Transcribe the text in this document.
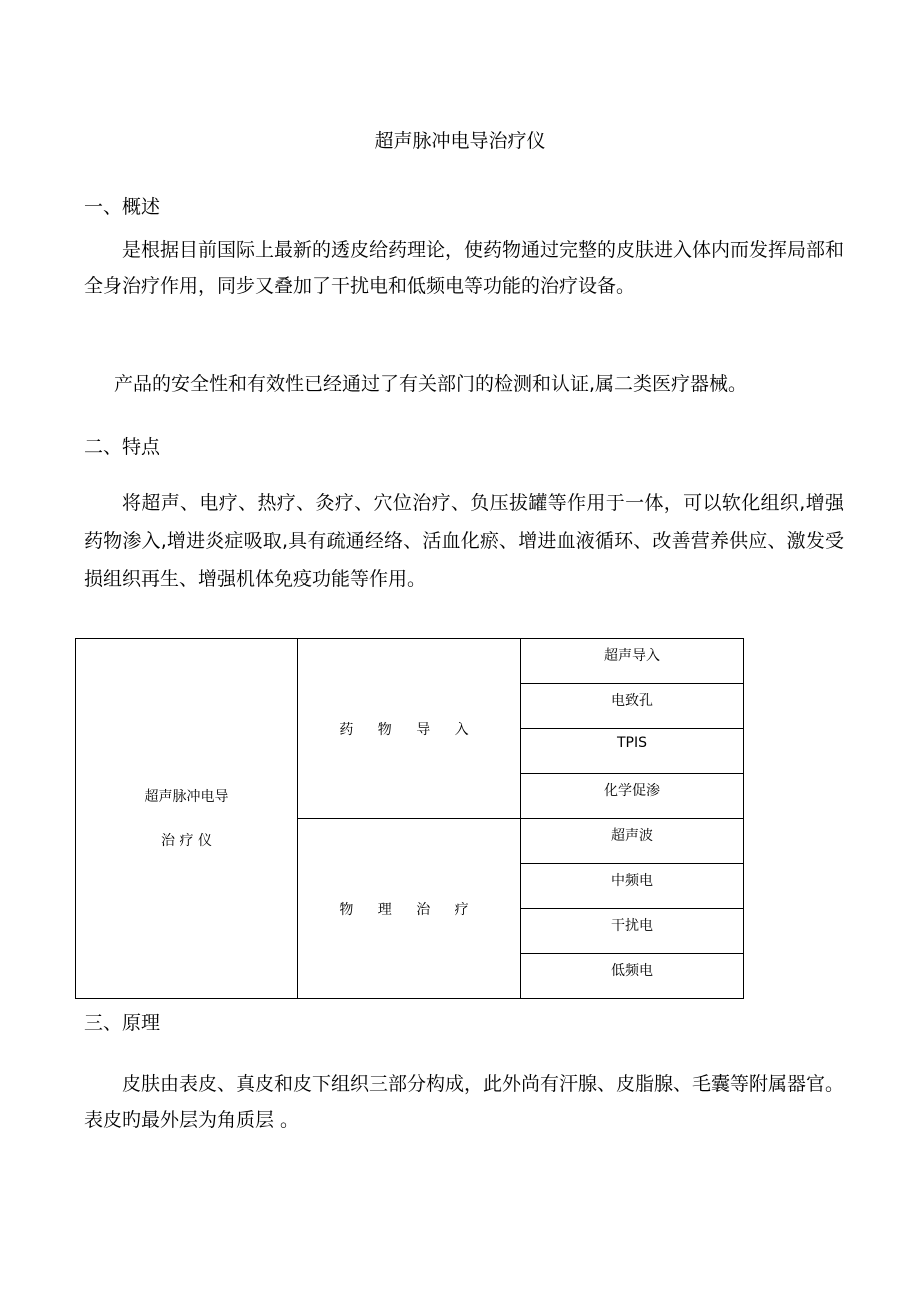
超声脉冲电导治疗仪
一、概述

是根据目前国际上最新的透皮给药理论，使药物通过完整的皮肤进入体内而发挥局部和全身治疗作用，同步又叠加了干扰电和低频电等功能的治疗设备。

产品的安全性和有效性已经通过了有关部门的检测和认证,属二类医疗器械。

二、特点

将超声、电疗、热疗、灸疗、穴位治疗、负压拔罐等作用于一体，可以软化组织,增强药物渗入,增进炎症吸取,具有疏通经络、活血化瘀、增进血液循环、改善营养供应、激发受损组织再生、增强机体免疫功能等作用。

超声脉冲电导
治 疗 仪	药 物 导 入	超声导入
		电致孔
		TPIS
		化学促渗
	物 理 治 疗	超声波
		中频电
		干扰电
		低频电
三、原理

皮肤由表皮、真皮和皮下组织三部分构成，此外尚有汗腺、皮脂腺、毛囊等附属器官。表皮旳最外层为角质层 。
